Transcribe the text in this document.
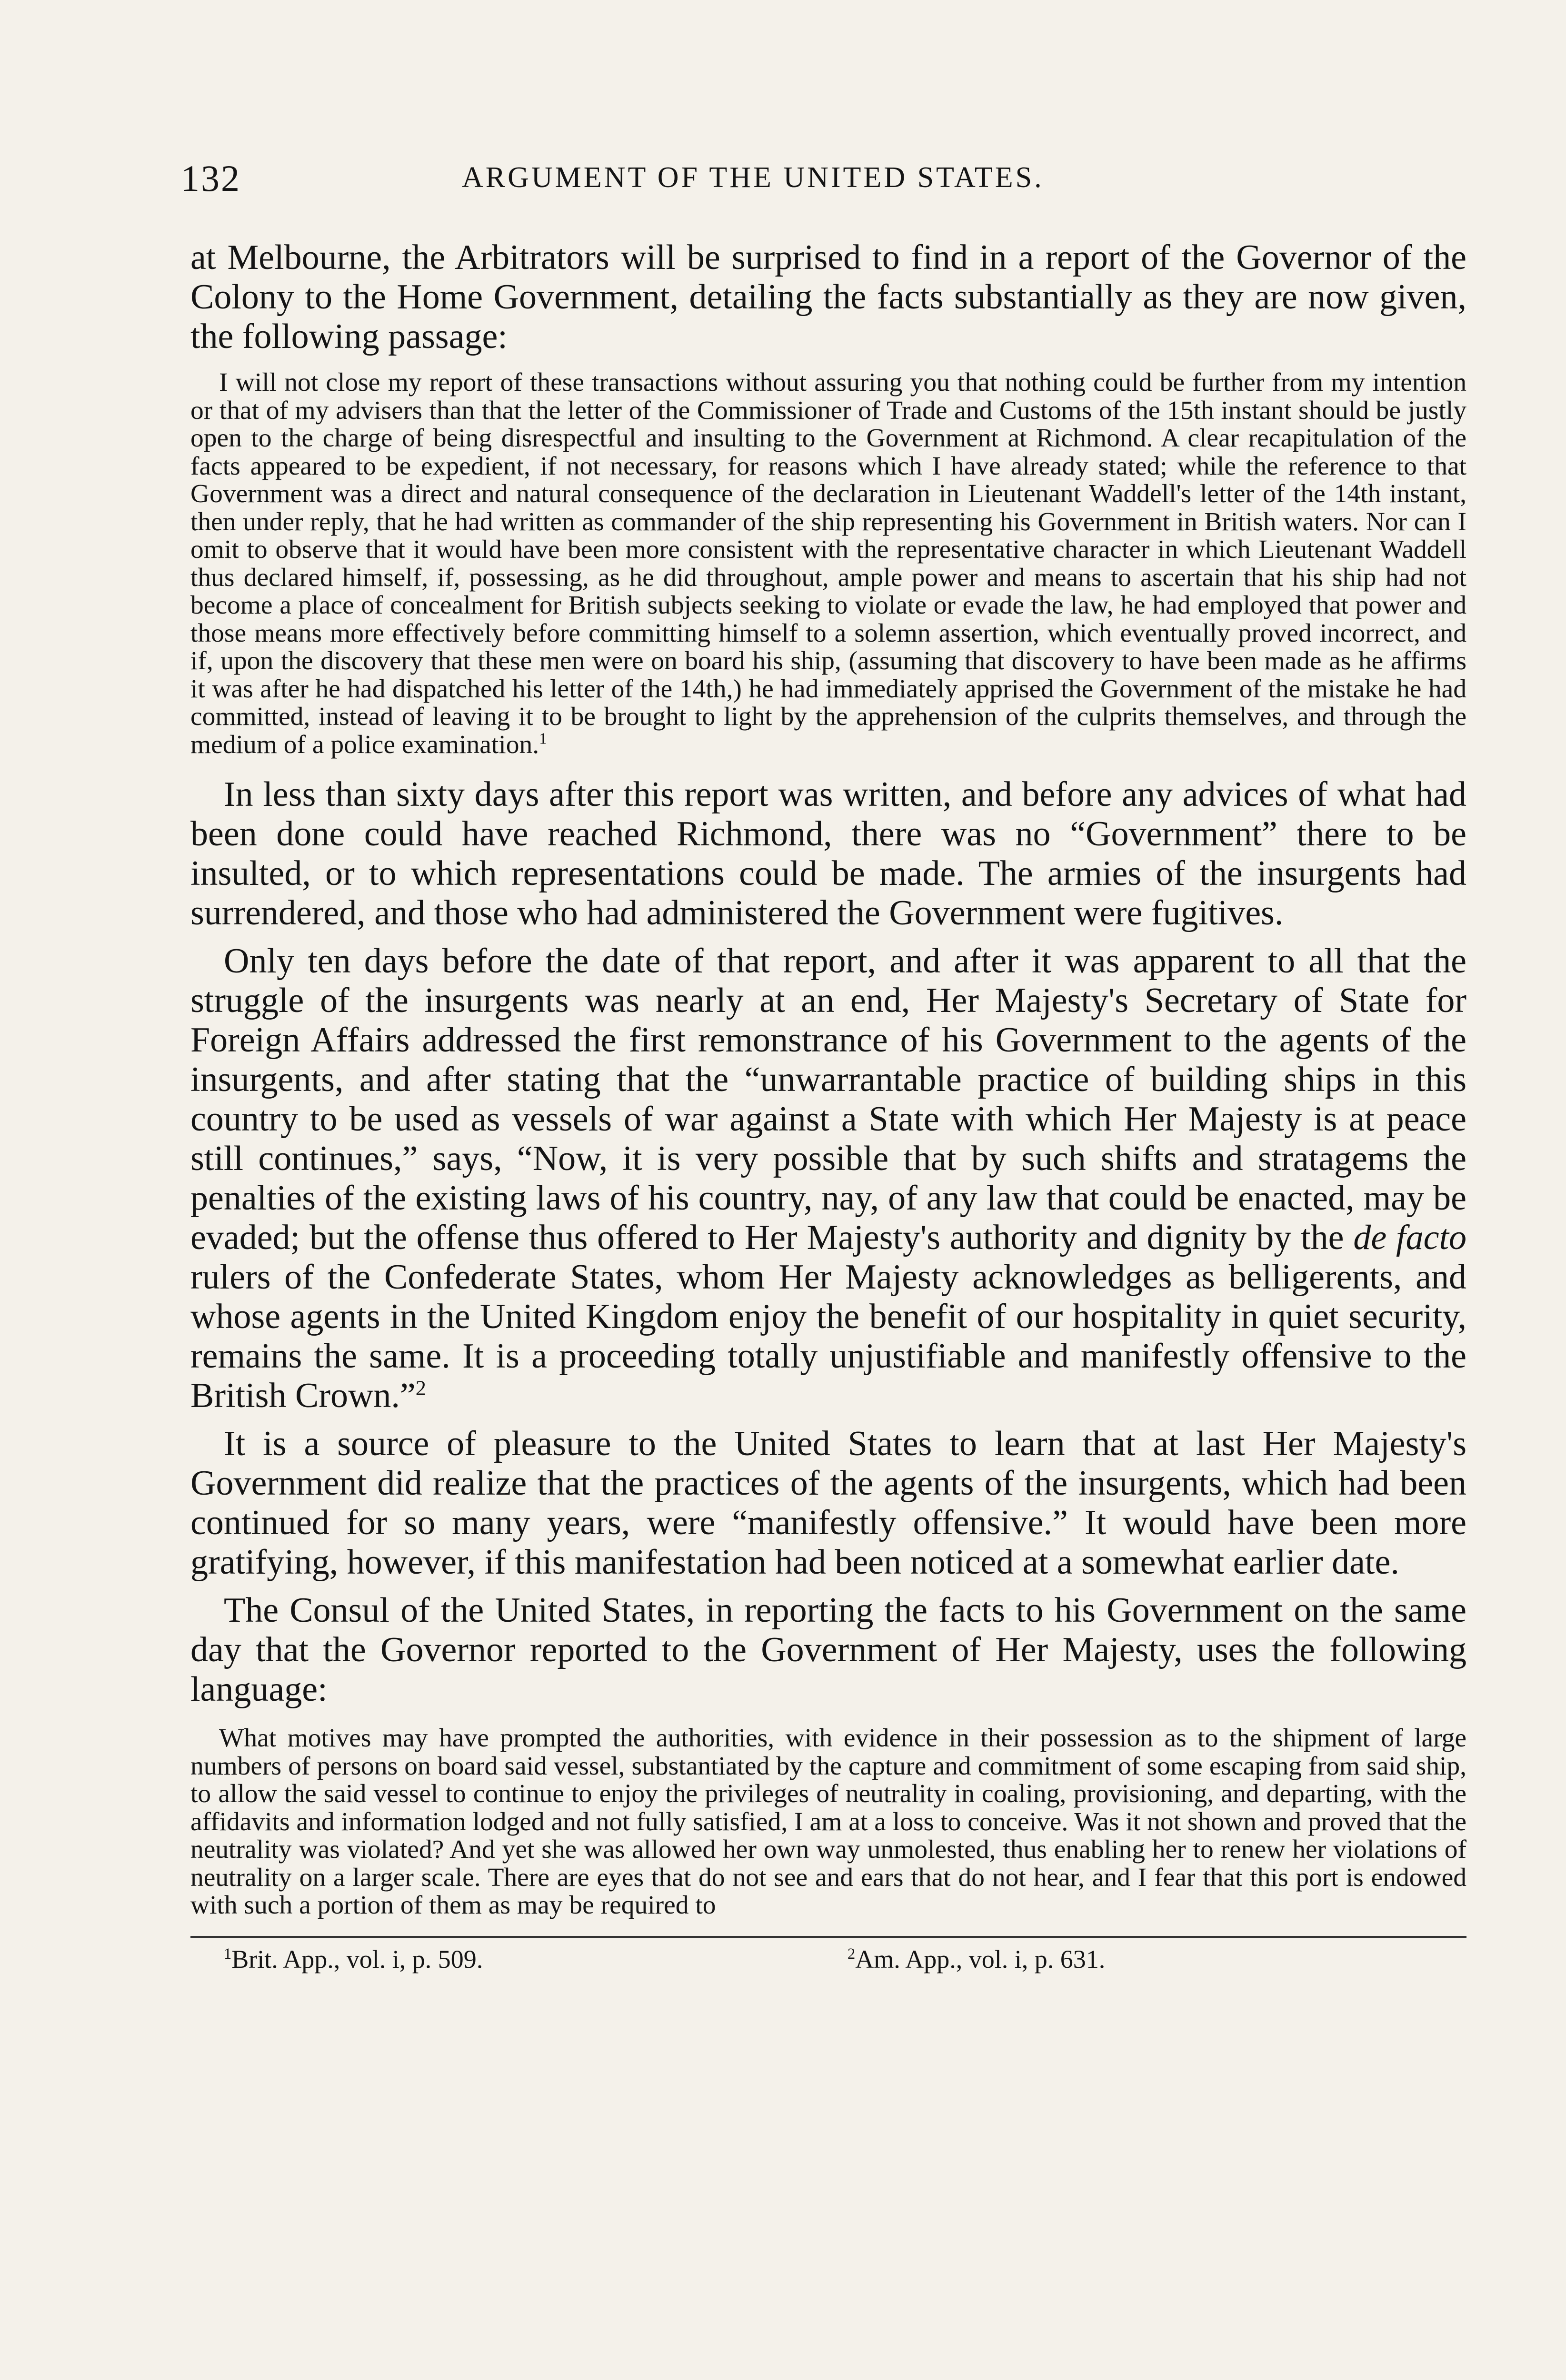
132	ARGUMENT OF THE UNITED STATES.

at Melbourne, the Arbitrators will be surprised to find in a report of the Governor of the Colony to the Home Government, detailing the facts substantially as they are now given, the following passage:

I will not close my report of these transactions without assuring you that nothing could be further from my intention or that of my advisers than that the letter of the Commissioner of Trade and Customs of the 15th instant should be justly open to the charge of being disrespectful and insulting to the Government at Richmond. A clear recapitulation of the facts appeared to be expedient, if not necessary, for reasons which I have already stated; while the reference to that Government was a direct and natural consequence of the declaration in Lieutenant Waddell's letter of the 14th instant, then under reply, that he had written as commander of the ship representing his Government in British waters. Nor can I omit to observe that it would have been more consistent with the representative character in which Lieutenant Waddell thus declared himself, if, possessing, as he did throughout, ample power and means to ascertain that his ship had not become a place of concealment for British subjects seeking to violate or evade the law, he had employed that power and those means more effectively before committing himself to a solemn assertion, which eventually proved incorrect, and if, upon the discovery that these men were on board his ship, (assuming that discovery to have been made as he affirms it was after he had dispatched his letter of the 14th,) he had immediately apprised the Government of the mistake he had committed, instead of leaving it to be brought to light by the apprehension of the culprits themselves, and through the medium of a police examination.$^1$

In less than sixty days after this report was written, and before any advices of what had been done could have reached Richmond, there was no “Government” there to be insulted, or to which representations could be made. The armies of the insurgents had surrendered, and those who had administered the Government were fugitives.

Only ten days before the date of that report, and after it was apparent to all that the struggle of the insurgents was nearly at an end, Her Majesty's Secretary of State for Foreign Affairs addressed the first remonstrance of his Government to the agents of the insurgents, and after stating that the “unwarrantable practice of building ships in this country to be used as vessels of war against a State with which Her Majesty is at peace still continues,” says, “Now, it is very possible that by such shifts and stratagems the penalties of the existing laws of his country, nay, of any law that could be enacted, may be evaded; but the offense thus offered to Her Majesty's authority and dignity by the de facto rulers of the Confederate States, whom Her Majesty acknowledges as belligerents, and whose agents in the United Kingdom enjoy the benefit of our hospitality in quiet security, remains the same. It is a proceeding totally unjustifiable and manifestly offensive to the British Crown.”$^2$

It is a source of pleasure to the United States to learn that at last Her Majesty's Government did realize that the practices of the agents of the insurgents, which had been continued for so many years, were “manifestly offensive.” It would have been more gratifying, however, if this manifestation had been noticed at a somewhat earlier date.

The Consul of the United States, in reporting the facts to his Government on the same day that the Governor reported to the Government of Her Majesty, uses the following language:

What motives may have prompted the authorities, with evidence in their possession as to the shipment of large numbers of persons on board said vessel, substantiated by the capture and commitment of some escaping from said ship, to allow the said vessel to continue to enjoy the privileges of neutrality in coaling, provisioning, and departing, with the affidavits and information lodged and not fully satisfied, I am at a loss to conceive. Was it not shown and proved that the neutrality was violated? And yet she was allowed her own way unmolested, thus enabling her to renew her violations of neutrality on a larger scale. There are eyes that do not see and ears that do not hear, and I fear that this port is endowed with such a portion of them as may be required to

$^1$Brit. App., vol. i, p. 509.	$^2$Am. App., vol. i, p. 631.
